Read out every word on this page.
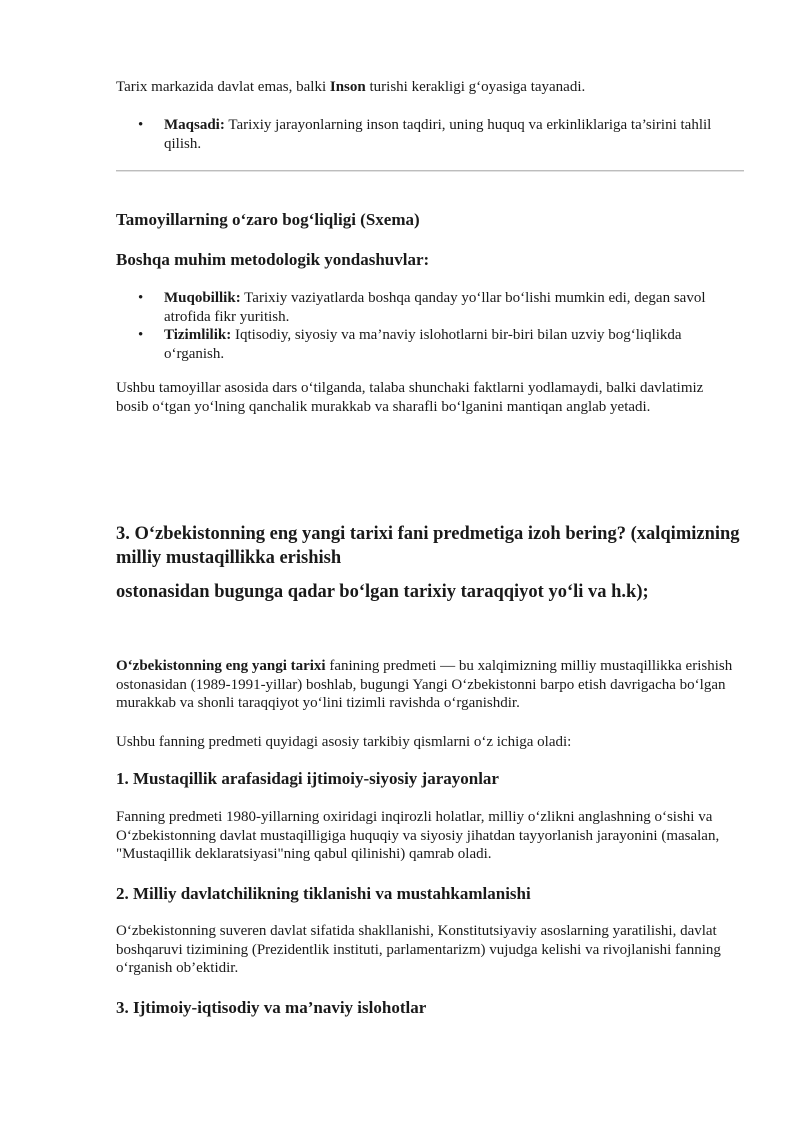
Tarix markazida davlat emas, balki Inson turishi kerakligi g‘oyasiga tayanadi.

• Maqsadi: Tarixiy jarayonlarning inson taqdiri, uning huquq va erkinliklariga ta’sirini tahlil qilish.
Tamoyillarning o‘zaro bog‘liqligi (Sxema)
Boshqa muhim metodologik yondashuvlar:
• Muqobillik: Tarixiy vaziyatlarda boshqa qanday yo‘llar bo‘lishi mumkin edi, degan savol atrofida fikr yuritish.
• Tizimlilik: Iqtisodiy, siyosiy va ma’naviy islohotlarni bir-biri bilan uzviy bog‘liqlikda o‘rganish.

Ushbu tamoyillar asosida dars o‘tilganda, talaba shunchaki faktlarni yodlamaydi, balki davlatimiz bosib o‘tgan yo‘lning qanchalik murakkab va sharafli bo‘lganini mantiqan anglab yetadi.

3. O‘zbekistonning eng yangi tarixi fani predmetiga izoh bering? (xalqimizning milliy mustaqillikka erishish
ostonasidan bugunga qadar bo‘lgan tarixiy taraqqiyot yo‘li va h.k);

O‘zbekistonning eng yangi tarixi fanining predmeti — bu xalqimizning milliy mustaqillikka erishish ostonasidan (1989-1991-yillar) boshlab, bugungi Yangi O‘zbekistonni barpo etish davrigacha bo‘lgan murakkab va shonli taraqqiyot yo‘lini tizimli ravishda o‘rganishdir.

Ushbu fanning predmeti quyidagi asosiy tarkibiy qismlarni o‘z ichiga oladi:

1. Mustaqillik arafasidagi ijtimoiy-siyosiy jarayonlar

Fanning predmeti 1980-yillarning oxiridagi inqirozli holatlar, milliy o‘zlikni anglashning o‘sishi va O‘zbekistonning davlat mustaqilligiga huquqiy va siyosiy jihatdan tayyorlanish jarayonini (masalan, "Mustaqillik deklaratsiyasi"ning qabul qilinishi) qamrab oladi.

2. Milliy davlatchilikning tiklanishi va mustahkamlanishi

O‘zbekistonning suveren davlat sifatida shakllanishi, Konstitutsiyaviy asoslarning yaratilishi, davlat boshqaruvi tizimining (Prezidentlik instituti, parlamentarizm) vujudga kelishi va rivojlanishi fanning o‘rganish ob’ektidir.

3. Ijtimoiy-iqtisodiy va ma’naviy islohotlar
